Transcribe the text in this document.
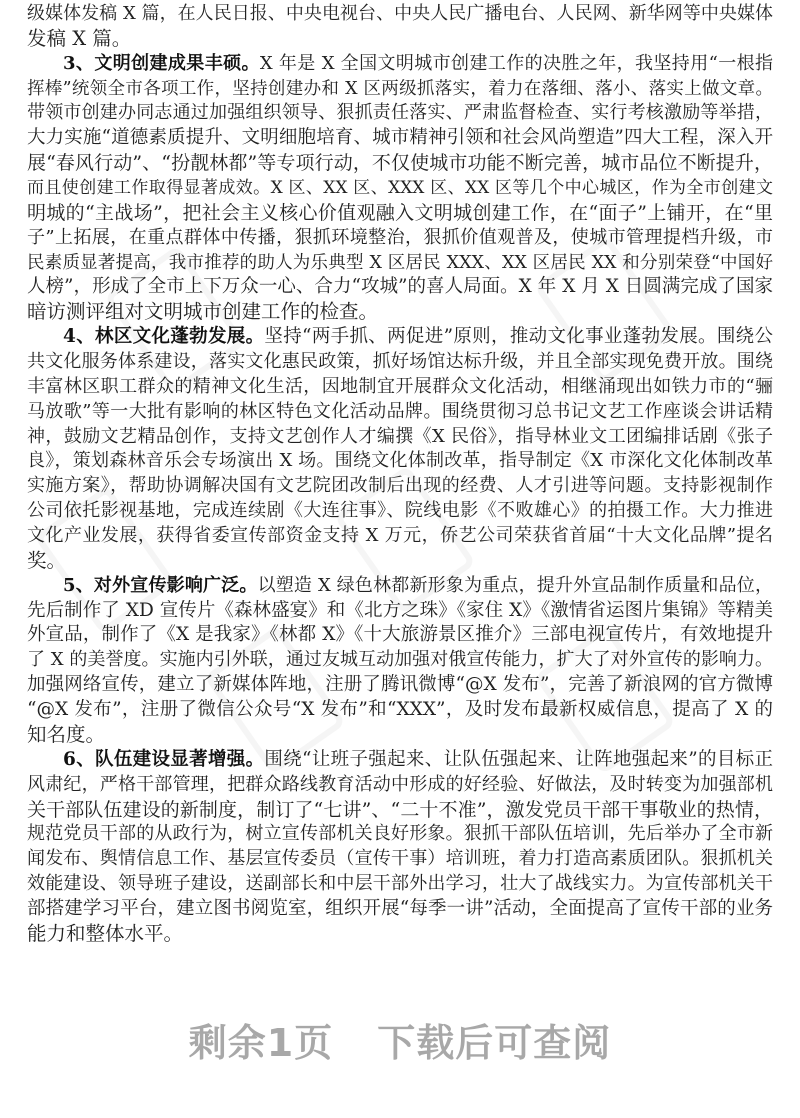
级媒体发稿 X 篇，在人民日报、中央电视台、中央人民广播电台、人民网、新华网等中央媒体
发稿 X 篇。
3、文明创建成果丰硕。X 年是 X 全国文明城市创建工作的决胜之年，我坚持用“一根指
挥棒”统领全市各项工作，坚持创建办和 X 区两级抓落实，着力在落细、落小、落实上做文章。
带领市创建办同志通过加强组织领导、狠抓责任落实、严肃监督检查、实行考核激励等举措，
大力实施“道德素质提升、文明细胞培育、城市精神引领和社会风尚塑造”四大工程，深入开
展“春风行动”、“扮靓林都”等专项行动，不仅使城市功能不断完善，城市品位不断提升，
而且使创建工作取得显著成效。X 区、XX 区、XXX 区、XX 区等几个中心城区，作为全市创建文
明城的“主战场”，把社会主义核心价值观融入文明城创建工作，在“面子”上铺开，在“里
子”上拓展，在重点群体中传播，狠抓环境整治，狠抓价值观普及，使城市管理提档升级，市
民素质显著提高，我市推荐的助人为乐典型 X 区居民 XXX、XX 区居民 XX 和分别荣登“中国好
人榜”，形成了全市上下万众一心、合力“攻城”的喜人局面。X 年 X 月 X 日圆满完成了国家
暗访测评组对文明城市创建工作的检查。
4、林区文化蓬勃发展。坚持“两手抓、两促进”原则，推动文化事业蓬勃发展。围绕公
共文化服务体系建设，落实文化惠民政策，抓好场馆达标升级，并且全部实现免费开放。围绕
丰富林区职工群众的精神文化生活，因地制宜开展群众文化活动，相继涌现出如铁力市的“骊
马放歌”等一大批有影响的林区特色文化活动品牌。围绕贯彻习总书记文艺工作座谈会讲话精
神，鼓励文艺精品创作，支持文艺创作人才编撰《X 民俗》，指导林业文工团编排话剧《张子
良》，策划森林音乐会专场演出 X 场。围绕文化体制改革，指导制定《X 市深化文化体制改革
实施方案》，帮助协调解决国有文艺院团改制后出现的经费、人才引进等问题。支持影视制作
公司依托影视基地，完成连续剧《大连往事》、院线电影《不败雄心》的拍摄工作。大力推进
文化产业发展，获得省委宣传部资金支持 X 万元，侨艺公司荣获省首届“十大文化品牌”提名
奖。
5、对外宣传影响广泛。以塑造 X 绿色林都新形象为重点，提升外宣品制作质量和品位，
先后制作了 XD 宣传片《森林盛宴》和《北方之珠》《家住 X》《激情省运图片集锦》等精美
外宣品，制作了《X 是我家》《林都 X》《十大旅游景区推介》三部电视宣传片，有效地提升
了 X 的美誉度。实施内引外联，通过友城互动加强对俄宣传能力，扩大了对外宣传的影响力。
加强网络宣传，建立了新媒体阵地，注册了腾讯微博“@X 发布”，完善了新浪网的官方微博
“@X 发布”，注册了微信公众号“X 发布”和“XXX”，及时发布最新权威信息，提高了 X 的
知名度。
6、队伍建设显著增强。围绕“让班子强起来、让队伍强起来、让阵地强起来”的目标正
风肃纪，严格干部管理，把群众路线教育活动中形成的好经验、好做法，及时转变为加强部机
关干部队伍建设的新制度，制订了“七讲”、“二十不准”，激发党员干部干事敬业的热情，
规范党员干部的从政行为，树立宣传部机关良好形象。狠抓干部队伍培训，先后举办了全市新
闻发布、舆情信息工作、基层宣传委员（宣传干事）培训班，着力打造高素质团队。狠抓机关
效能建设、领导班子建设，送副部长和中层干部外出学习，壮大了战线实力。为宣传部机关干
部搭建学习平台，建立图书阅览室，组织开展“每季一讲”活动，全面提高了宣传干部的业务
能力和整体水平。
剩余1页 下载后可查阅
